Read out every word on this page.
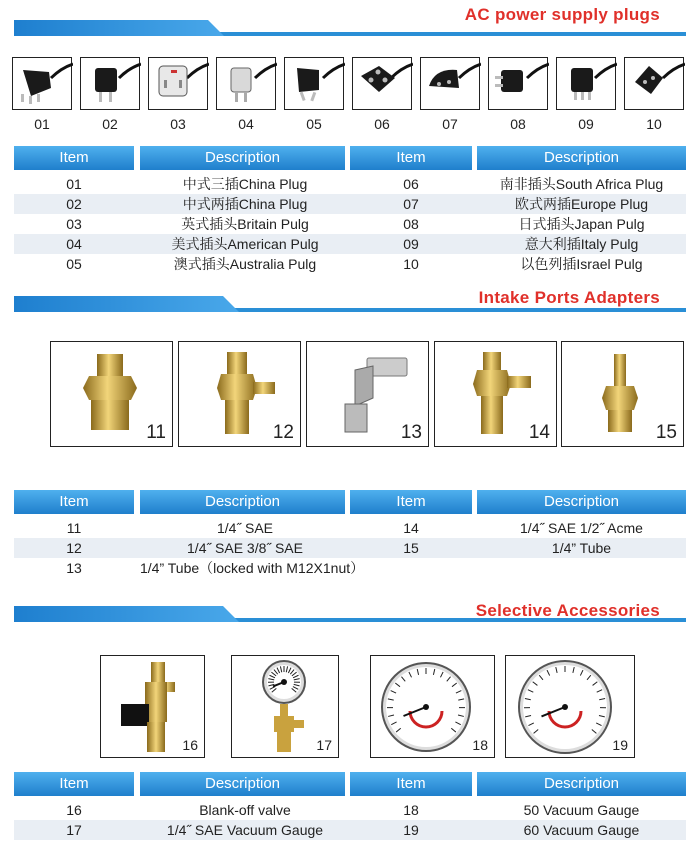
AC power supply plugs
01	02	03	04	05	06	07	08	09	10
Item	Description	Item	Description
01	中式三插China Plug	06	南非插头South Africa Plug
02	中式两插China Plug	07	欧式两插Europe Plug
03	英式插头Britain Pulg	08	日式插头Japan Pulg
04	美式插头American Pulg	09	意大利插Italy Pulg
05	澳式插头Australia Pulg	10	以色列插Israel Pulg
Intake Ports Adapters
11	12	13	14	15
Item	Description	Item	Description
11	1/4˝ SAE	14	1/4˝ SAE 1/2˝ Acme
12	1/4˝ SAE 3/8˝ SAE	15	1/4” Tube
13	1/4” Tube（locked with M12X1nut）
Selective Accessories
16	17	18	19
Item	Description	Item	Description
16	Blank-off valve	18	50 Vacuum Gauge
17	1/4˝ SAE Vacuum Gauge	19	60 Vacuum Gauge
